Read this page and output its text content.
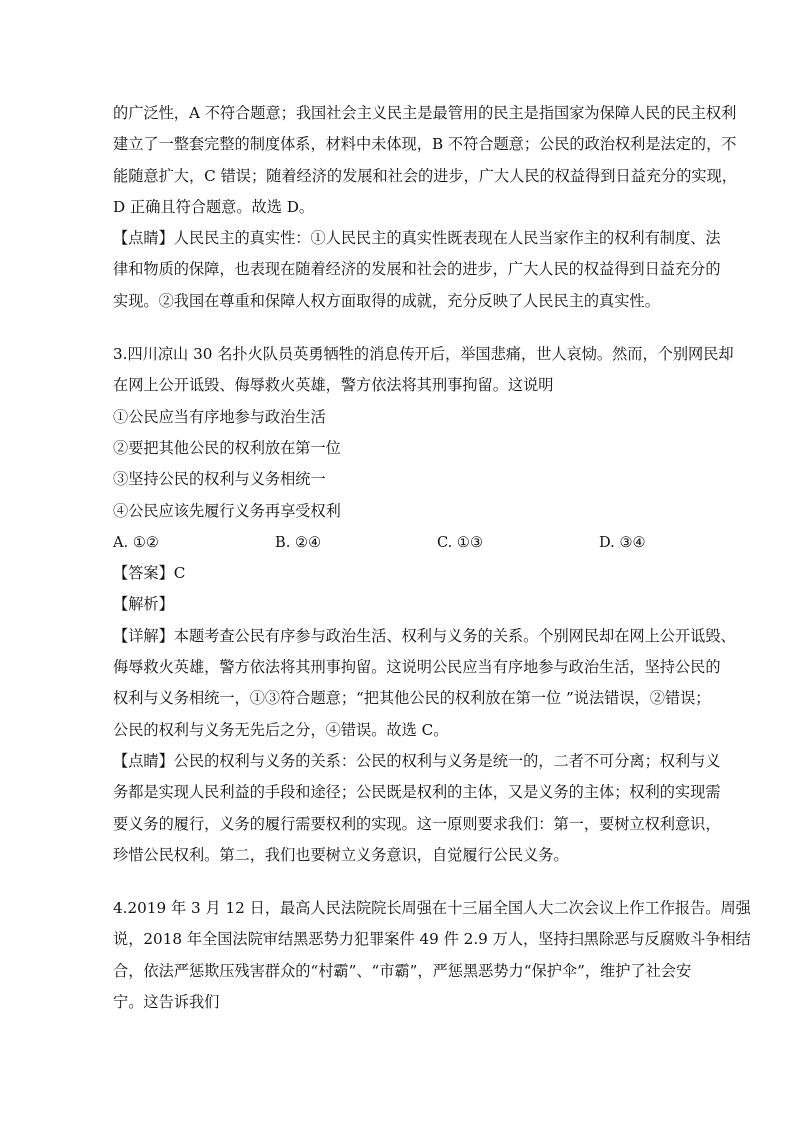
的广泛性，A 不符合题意；我国社会主义民主是最管用的民主是指国家为保障人民的民主权利
建立了一整套完整的制度体系，材料中未体现，B 不符合题意；公民的政治权利是法定的，不
能随意扩大，C 错误；随着经济的发展和社会的进步，广大人民的权益得到日益充分的实现，
D 正确且符合题意。故选 D。
【点睛】人民民主的真实性：①人民民主的真实性既表现在人民当家作主的权利有制度、法
律和物质的保障，也表现在随着经济的发展和社会的进步，广大人民的权益得到日益充分的
实现。②我国在尊重和保障人权方面取得的成就，充分反映了人民民主的真实性。
3.四川凉山 30 名扑火队员英勇牺牲的消息传开后，举国悲痛，世人哀恸。然而，个别网民却
在网上公开诋毁、侮辱救火英雄，警方依法将其刑事拘留。这说明
①公民应当有序地参与政治生活
②要把其他公民的权利放在第一位
③坚持公民的权利与义务相统一
④公民应该先履行义务再享受权利
A. ①②	B. ②④	C. ①③	D. ③④
【答案】C
【解析】
【详解】本题考查公民有序参与政治生活、权利与义务的关系。个别网民却在网上公开诋毁、
侮辱救火英雄，警方依法将其刑事拘留。这说明公民应当有序地参与政治生活，坚持公民的
权利与义务相统一，①③符合题意；“把其他公民的权利放在第一位 ”说法错误，②错误；
公民的权利与义务无先后之分，④错误。故选 C。
【点睛】公民的权利与义务的关系：公民的权利与义务是统一的，二者不可分离；权利与义
务都是实现人民利益的手段和途径；公民既是权利的主体，又是义务的主体；权利的实现需
要义务的履行，义务的履行需要权利的实现。这一原则要求我们：第一，要树立权利意识，
珍惜公民权利。第二，我们也要树立义务意识，自觉履行公民义务。
4.2019 年 3 月 12 日，最高人民法院院长周强在十三届全国人大二次会议上作工作报告。周强
说，2018 年全国法院审结黑恶势力犯罪案件 49 件 2.9 万人，坚持扫黑除恶与反腐败斗争相结
合，依法严惩欺压残害群众的“村霸”、“市霸”，严惩黑恶势力“保护伞”，维护了社会安
宁。这告诉我们
